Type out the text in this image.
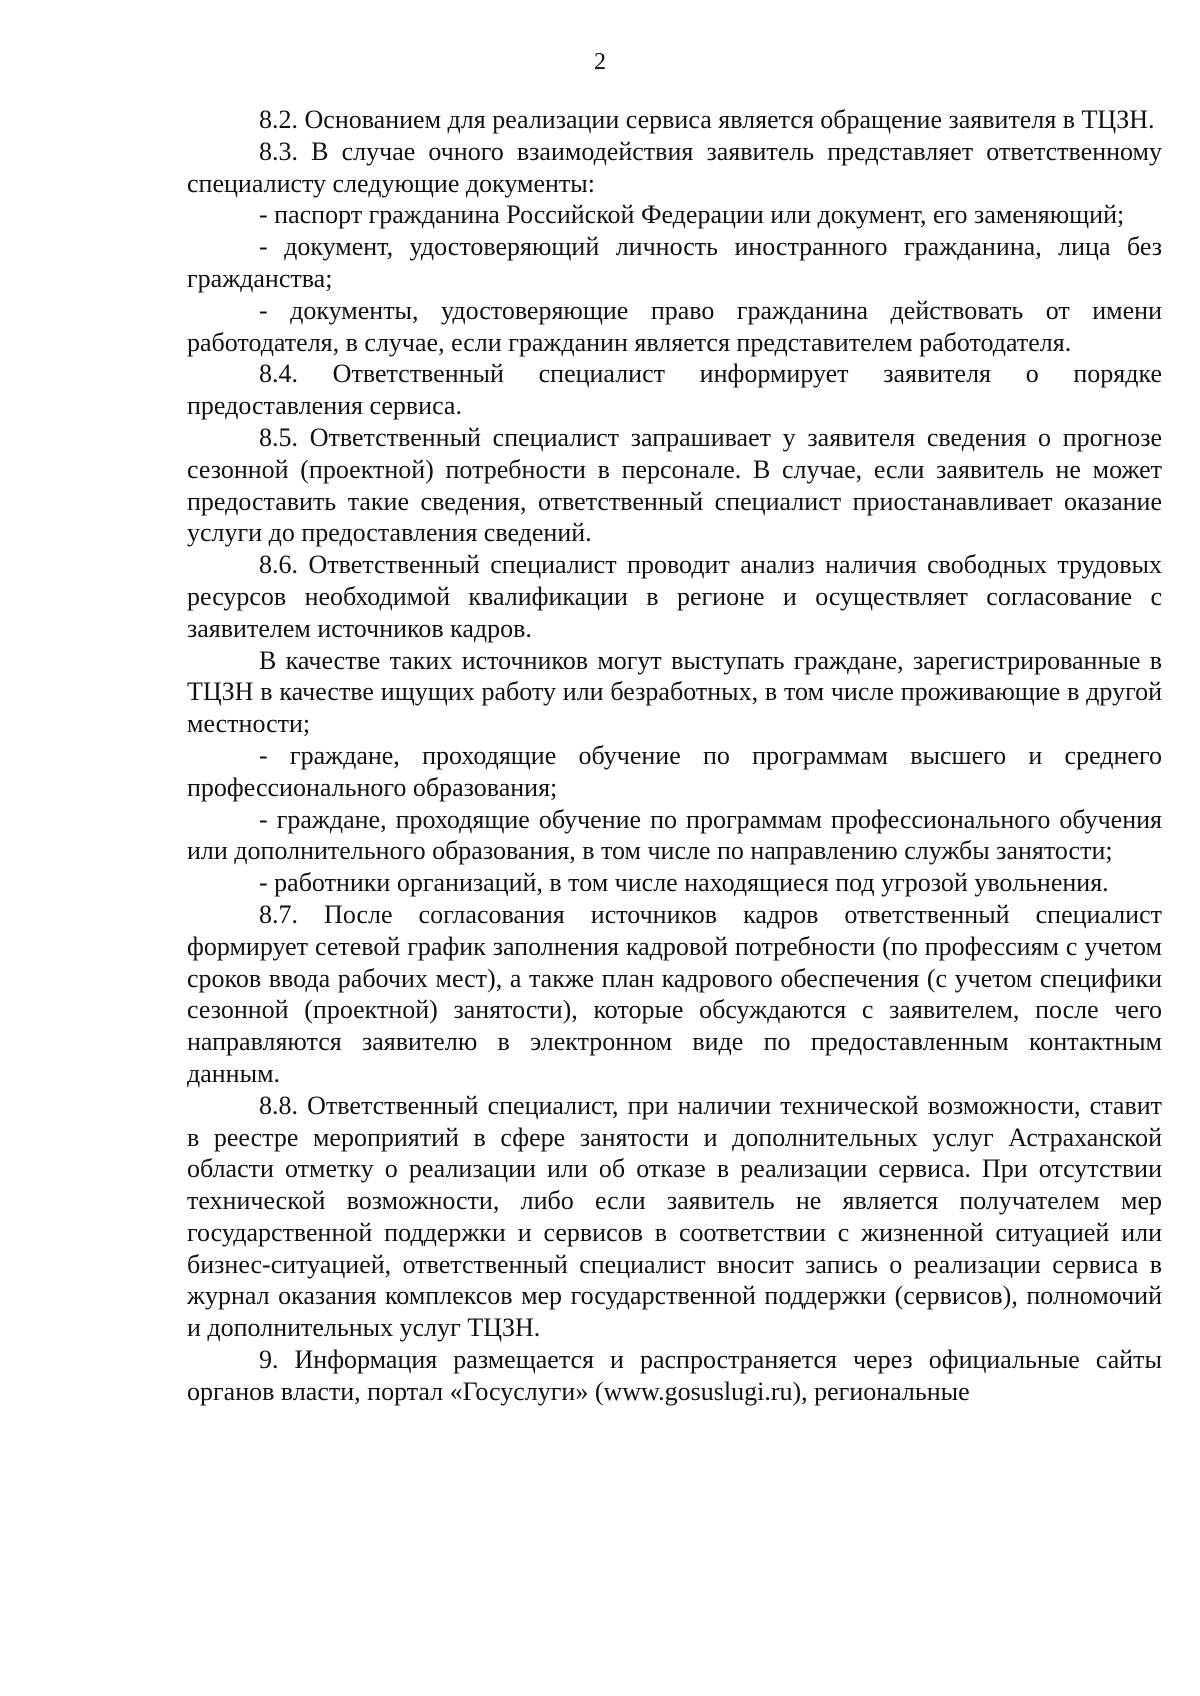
2

8.2. Основанием для реализации сервиса является обращение заявителя в ТЦЗН.

8.3. В случае очного взаимодействия заявитель представляет ответственному специалисту следующие документы:

- паспорт гражданина Российской Федерации или документ, его заменяющий;

- документ, удостоверяющий личность иностранного гражданина, лица без гражданства;

- документы, удостоверяющие право гражданина действовать от имени работодателя, в случае, если гражданин является представителем работодателя.

8.4. Ответственный специалист информирует заявителя о порядке предоставления сервиса.

8.5. Ответственный специалист запрашивает у заявителя сведения о прогнозе сезонной (проектной) потребности в персонале. В случае, если заявитель не может предоставить такие сведения, ответственный специалист приостанавливает оказание услуги до предоставления сведений.

8.6. Ответственный специалист проводит анализ наличия свободных трудовых ресурсов необходимой квалификации в регионе и осуществляет согласование с заявителем источников кадров.

В качестве таких источников могут выступать граждане, зарегистрированные в ТЦЗН в качестве ищущих работу или безработных, в том числе проживающие в другой местности;

- граждане, проходящие обучение по программам высшего и среднего профессионального образования;

- граждане, проходящие обучение по программам профессионального обучения или дополнительного образования, в том числе по направлению службы занятости;

- работники организаций, в том числе находящиеся под угрозой увольнения.

8.7. После согласования источников кадров ответственный специалист формирует сетевой график заполнения кадровой потребности (по профессиям с учетом сроков ввода рабочих мест), а также план кадрового обеспечения (с учетом специфики сезонной (проектной) занятости), которые обсуждаются с заявителем, после чего направляются заявителю в электронном виде по предоставленным контактным данным.

8.8. Ответственный специалист, при наличии технической возможности, ставит в реестре мероприятий в сфере занятости и дополнительных услуг Астраханской области отметку о реализации или об отказе в реализации сервиса. При отсутствии технической возможности, либо если заявитель не является получателем мер государственной поддержки и сервисов в соответствии с жизненной ситуацией или бизнес-ситуацией, ответственный специалист вносит запись о реализации сервиса в журнал оказания комплексов мер государственной поддержки (сервисов), полномочий и дополнительных услуг ТЦЗН.

9. Информация размещается и распространяется через официальные сайты органов власти, портал «Госуслуги» (www.gosuslugi.ru), региональные
